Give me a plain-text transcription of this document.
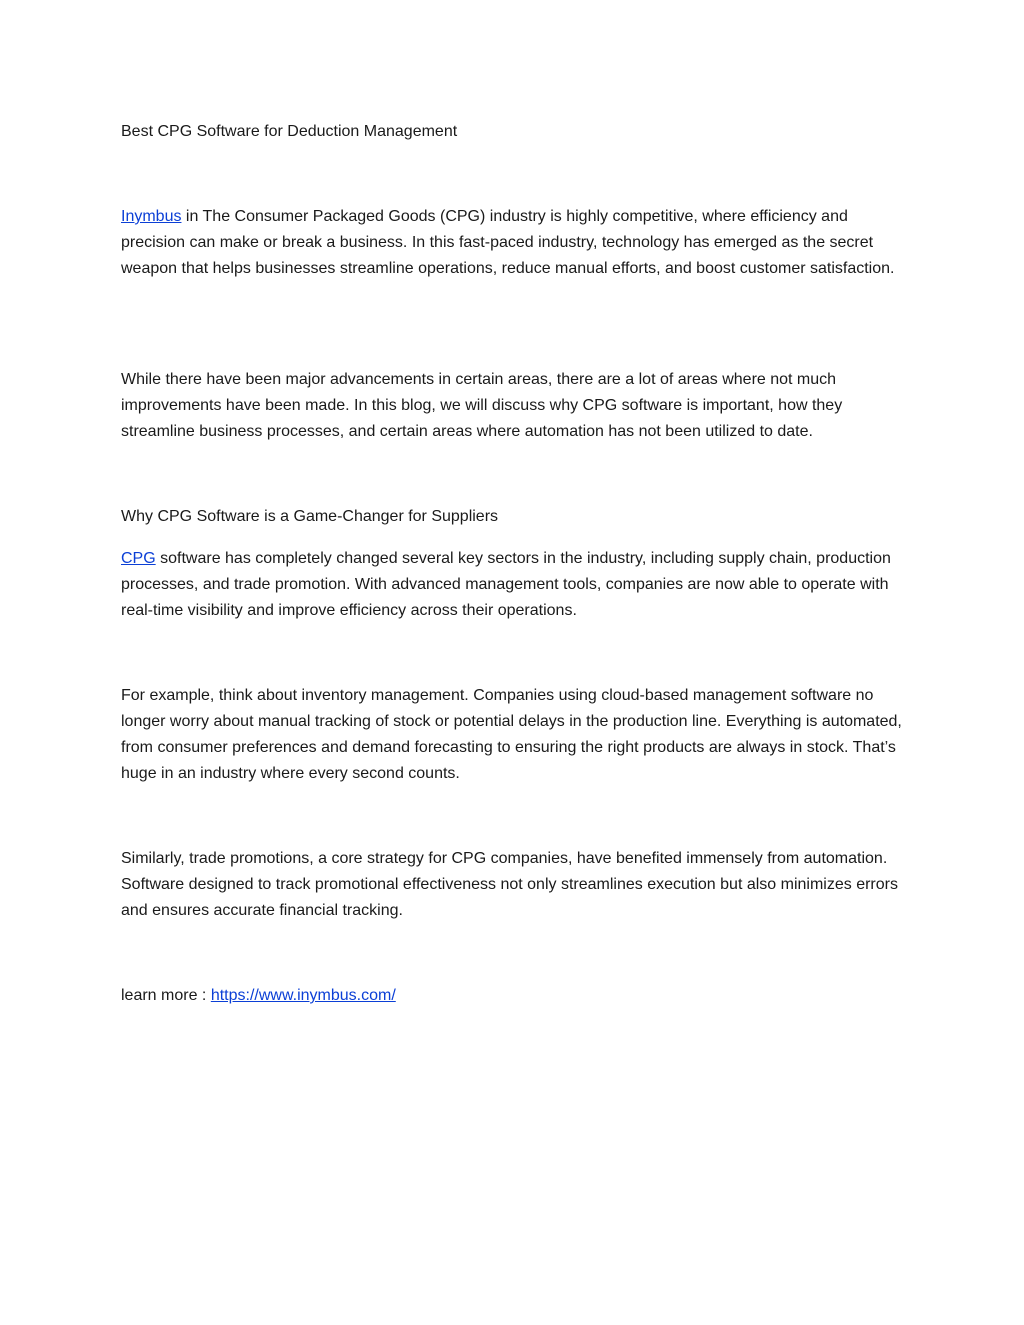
Best CPG Software for Deduction Management

Inymbus in The Consumer Packaged Goods (CPG) industry is highly competitive, where efficiency and precision can make or break a business. In this fast-paced industry, technology has emerged as the secret weapon that helps businesses streamline operations, reduce manual efforts, and boost customer satisfaction.

While there have been major advancements in certain areas, there are a lot of areas where not much improvements have been made. In this blog, we will discuss why CPG software is important, how they streamline business processes, and certain areas where automation has not been utilized to date.

Why CPG Software is a Game-Changer for Suppliers

CPG software has completely changed several key sectors in the industry, including supply chain, production processes, and trade promotion. With advanced management tools, companies are now able to operate with real-time visibility and improve efficiency across their operations.

For example, think about inventory management. Companies using cloud-based management software no longer worry about manual tracking of stock or potential delays in the production line. Everything is automated, from consumer preferences and demand forecasting to ensuring the right products are always in stock. That’s huge in an industry where every second counts.

Similarly, trade promotions, a core strategy for CPG companies, have benefited immensely from automation. Software designed to track promotional effectiveness not only streamlines execution but also minimizes errors and ensures accurate financial tracking.

learn more : https://www.inymbus.com/
